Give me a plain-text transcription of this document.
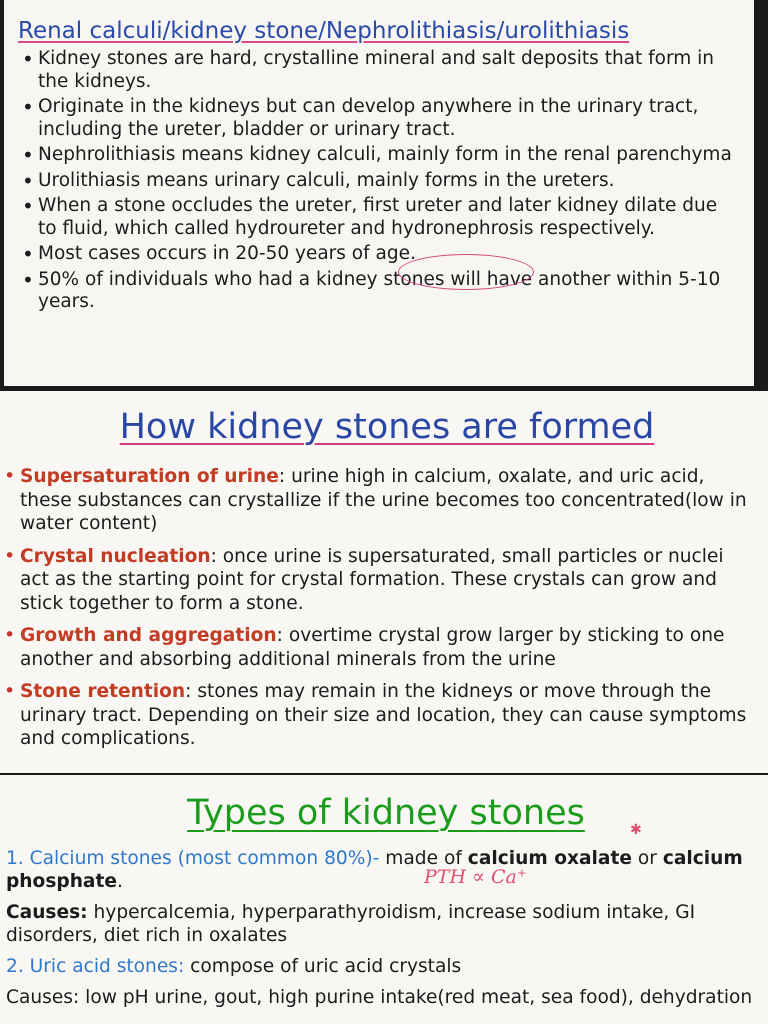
Renal calculi/kidney stone/Nephrolithiasis/urolithiasis
• Kidney stones are hard, crystalline mineral and salt deposits that form in the kidneys.
• Originate in the kidneys but can develop anywhere in the urinary tract, including the ureter, bladder or urinary tract.
• Nephrolithiasis means kidney calculi, mainly form in the renal parenchyma
• Urolithiasis means urinary calculi, mainly forms in the ureters.
• When a stone occludes the ureter, first ureter and later kidney dilate due to fluid, which called hydroureter and hydronephrosis respectively.
• Most cases occurs in 20-50 years of age.
• 50% of individuals who had a kidney stones will have another within 5-10 years.
How kidney stones are formed
• Supersaturation of urine: urine high in calcium, oxalate, and uric acid, these substances can crystallize if the urine becomes too concentrated(low in water content)
• Crystal nucleation: once urine is supersaturated, small particles or nuclei act as the starting point for crystal formation. These crystals can grow and stick together to form a stone.
• Growth and aggregation: overtime crystal grow larger by sticking to one another and absorbing additional minerals from the urine
• Stone retention: stones may remain in the kidneys or move through the urinary tract. Depending on their size and location, they can cause symptoms and complications.
Types of kidney stones

1. Calcium stones (most common 80%)- made of calcium oxalate or calcium phosphate.

Causes: hypercalcemia, hyperparathyroidism, increase sodium intake, GI disorders, diet rich in oxalates

2. Uric acid stones: compose of uric acid crystals

Causes: low pH urine, gout, high purine intake(red meat, sea food), dehydration

PTH ∝ Ca⁺
✱
